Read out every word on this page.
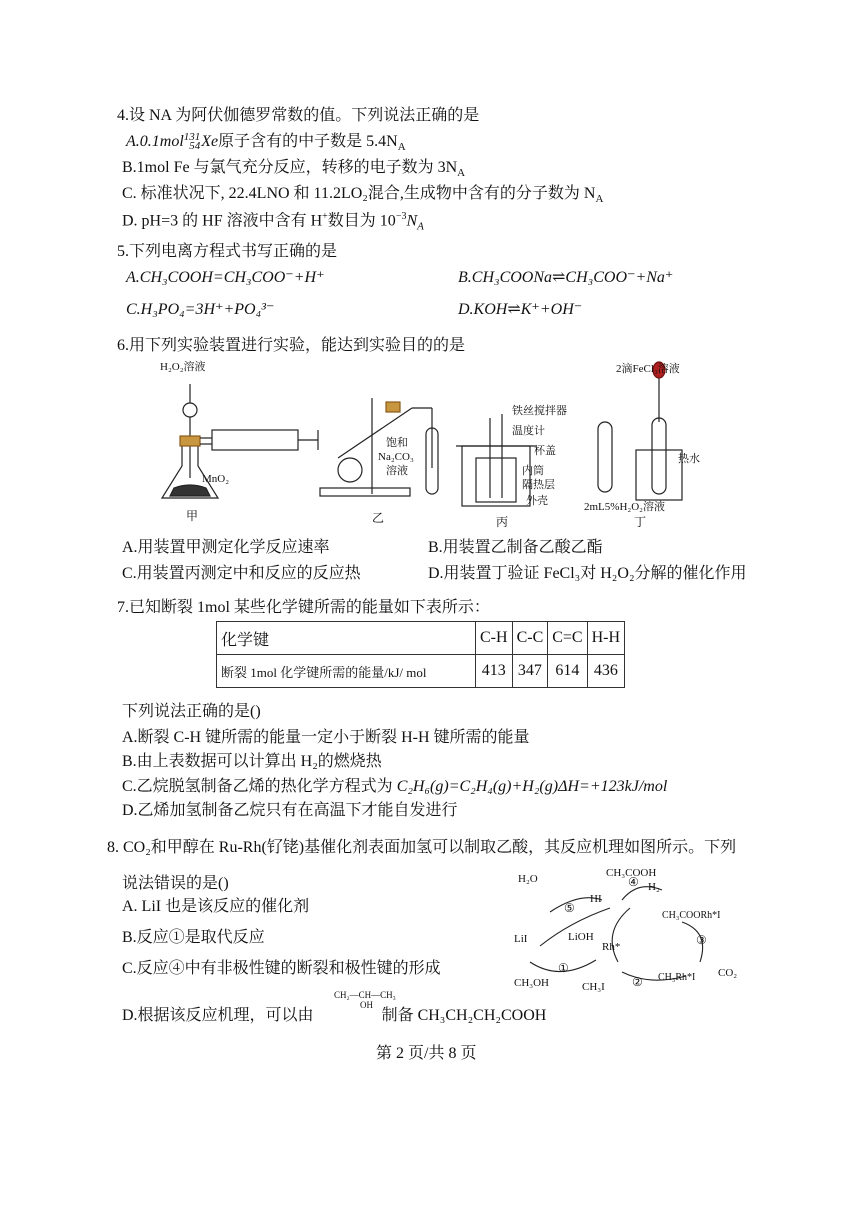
4.设 NA 为阿伏伽德罗常数的值。下列说法正确的是
A.0.1mol 131
54 Xe原子含有的中子数是 $5.4N_A$
B.1mol Fe 与氯气充分反应，转移的电子数为 $3N_A$
C. 标准状况下, 22.4LNO 和 11.2LO₂混合,生成物中含有的分子数为 $N_A$
D. pH=3 的 HF 溶液中含有 H+数目为 $10^{-3}N_A$
5.下列电离方程式书写正确的是
A.CH₃COOH=CH₃COO⁻+H⁺	B.CH₃COONa⇌CH₃COO⁻+Na⁺
C.H₃PO₄=3H⁺+PO₄³⁻	D.KOH⇌K⁺+OH⁻
6.用下列实验装置进行实验，能达到实验目的的是
H₂O₂溶液
MnO₂
甲
饱和
Na₂CO₃
溶液
乙
铁丝搅拌器
温度计
杯盖
内筒
隔热层
外壳
丙
2滴FeCl₃溶液
热水
2mL5%H₂O₂溶液
丁
A.用装置甲测定化学反应速率	B.用装置乙制备乙酸乙酯
C.用装置丙测定中和反应的反应热	D.用装置丁验证 FeCl₃对 H₂O₂分解的催化作用
7.已知断裂 1mol 某些化学键所需的能量如下表所示：
化学键	C-H	C-C	C=C	H-H
断裂 1mol 化学键所需的能量/kJ/ mol	413	347	614	436
下列说法正确的是()
A.断裂 C-H 键所需的能量一定小于断裂 H-H 键所需的能量
B.由上表数据可以计算出 H₂的燃烧热
C.乙烷脱氢制备乙烯的热化学方程式为 C₂H₆(g)=C₂H₄(g)+H₂(g)ΔH=+123kJ/mol
D.乙烯加氢制备乙烷只有在高温下才能自发进行
8. CO₂和甲醇在 Ru-Rh(钌铑)基催化剂表面加氢可以制取乙酸，其反应机理如图所示。下列
说法错误的是()
A. LiI 也是该反应的催化剂
B.反应①是取代反应
C.反应④中有非极性键的断裂和极性键的形成
D.根据该反应机理，可以由	制备 CH₃CH₂CH₂COOH
CH₂—CH—CH₃
OH
H₂O	CH₃COOH
HI
H₂
CH₃COORh*I
LiI	LiOH
Rh*
CO₂
CH₃Rh*I
CH₃OH	CH₃I
①
②
③
④
⑤
第 2 页/共 8 页
